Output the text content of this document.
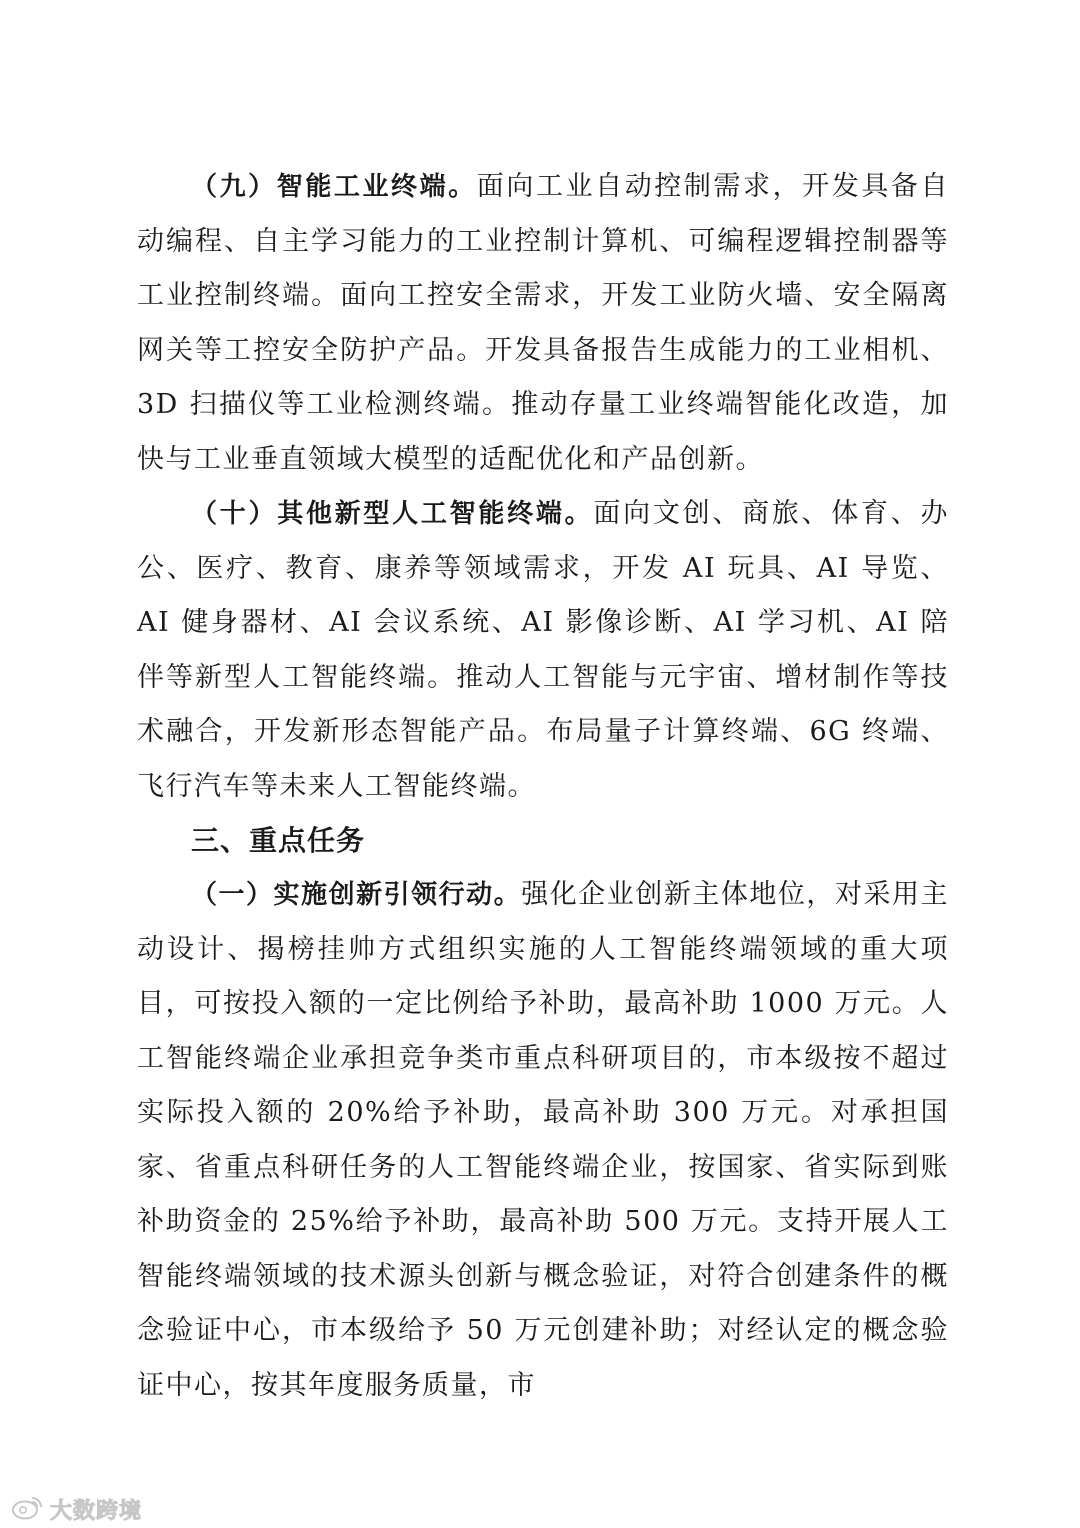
（九）智能工业终端。面向工业自动控制需求，开发具备自动编程、自主学习能力的工业控制计算机、可编程逻辑控制器等工业控制终端。面向工控安全需求，开发工业防火墙、安全隔离网关等工控安全防护产品。开发具备报告生成能力的工业相机、3D 扫描仪等工业检测终端。推动存量工业终端智能化改造，加快与工业垂直领域大模型的适配优化和产品创新。

（十）其他新型人工智能终端。面向文创、商旅、体育、办公、医疗、教育、康养等领域需求，开发 AI 玩具、AI 导览、AI 健身器材、AI 会议系统、AI 影像诊断、AI 学习机、AI 陪伴等新型人工智能终端。推动人工智能与元宇宙、增材制作等技术融合，开发新形态智能产品。布局量子计算终端、6G 终端、飞行汽车等未来人工智能终端。

三、重点任务

（一）实施创新引领行动。强化企业创新主体地位，对采用主动设计、揭榜挂帅方式组织实施的人工智能终端领域的重大项目，可按投入额的一定比例给予补助，最高补助 1000 万元。人工智能终端企业承担竞争类市重点科研项目的，市本级按不超过实际投入额的 20%给予补助，最高补助 300 万元。对承担国家、省重点科研任务的人工智能终端企业，按国家、省实际到账补助资金的 25%给予补助，最高补助 500 万元。支持开展人工智能终端领域的技术源头创新与概念验证，对符合创建条件的概念验证中心，市本级给予 50 万元创建补助；对经认定的概念验证中心，按其年度服务质量，市

大数跨境
